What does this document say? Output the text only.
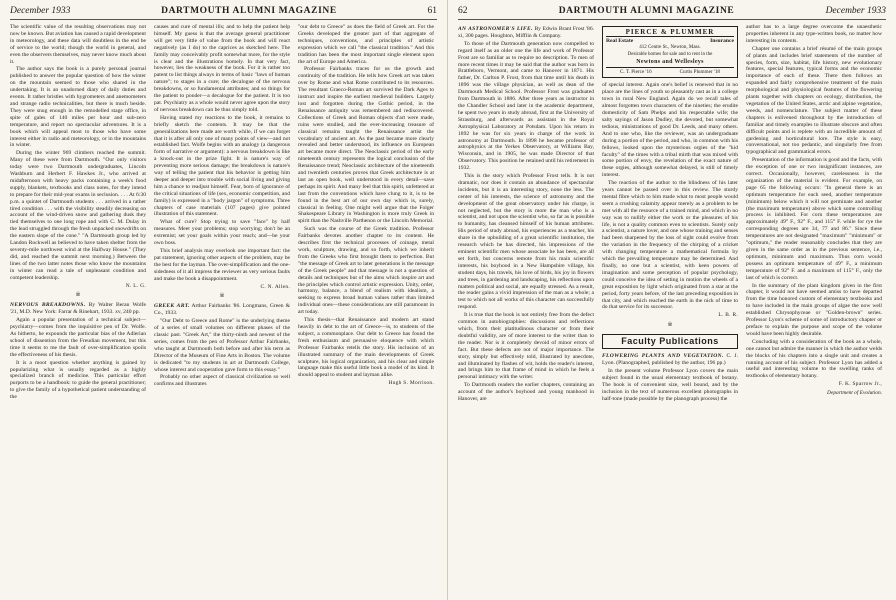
December 1933	DARTMOUTH ALUMNI MAGAZINE	61

The scientific value of the resulting observations may not now be known. But aviation has caused a rapid development in meteorology, and these data will doubtless in the end be of service to the world; though the world in general, and even the observers themselves, may never know much about it.

The author says the book is a purely personal journal published to answer the popular question of how the winter on the mountain seemed to those who shared in the undertaking. It is an unadorned diary of daily duties and events. It rather bristles with hygrometers and anemometers and strange radio technicalities, but there is much beside. They were snug enough in the remodelled stage office, in spite of gales of 140 miles per hour and sub-zero temperature, and report no spectacular adventures. It is a book which will appeal most to those who have some interest either in radio and meteorology, or in the mountains in winter.

During the winter 969 climbers reached the summit. Many of these were from Dartmouth. "Our only visitors today were two Dartmouth undergraduates, Lincoln Washburn and Herbert F. Hawkes Jr., who arrived at midafternoon with heavy packs containing a week's food supply, blankets, textbooks and class notes, for they intend to prepare for their mid-year exams in seclusion. . . . At 6:30 p.m. a quintet of Dartmouth students . . . arrived in a rather tired condition . . . with the visibility steadily decreasing on account of the wind-driven snow and gathering dusk they tied themselves to one long rope and with C. M. Dulay in the lead struggled through the fresh unpacked snowdrifts on the eastern slope of the cone." "A Dartmouth group led by Landon Rockwell as believed to have taken shelter from the seventy-mile northwest wind at the Halfway House." (They did, and reached the summit next morning.) Between the lines of the two latter notes those who know the mountains in winter can read a tale of unpleasant condition and competent leadership.

N. L. G.
※

NERVOUS BREAKDOWNS. By Walter Beran Wolfe '21, M.D. New York: Farrar & Rinehart, 1933. xv, 240 pp.

Again a popular presentation of a technical subject—psychiatry—comes from the inquisitive pen of Dr. Wolfe. As hitherto, he expounds the particular bias of the Adlerian school of dissention from the Freudian movement, but this time it seems to me the fault of over-simplification spoils the effectiveness of his thesis.

It is a moot question whether anything is gained by popularizing what is usually regarded as a highly specialized branch of medicine. This particular effort purports to be a handbook: to guide the general practitioner; to give the family of a hypothetical patient understanding of the

causes and cure of mental ills; and to help the patient help himself. My guess is that the average general practitioner will get very little of value from the book and will react negatively (as I do) to the caprices as sketched here. The family may conceivably profit somewhat more, for the style is clear and the illustrations homely. In that very fact, however, lies the weakness of the book. For it is rather too patent to list things always in terms of basic "laws of human nature"; to stages in a cure; the decalogue of the nervous breakdowns, or so fundamental attributes; and so things for the patient to ponder—a decalogue for the patient. It is too pat. Psychiatry as a whole would never agree upon the story of nervous breakdown can be thus simply told.

Having stated my reactions to the book, it remains to briefly sketch the contents. It may be that the generalizations here made are worth while, if we can forget that it is after all only one of many points of view—and not established fact. Wolfe begins with an analogy (a dangerous form of narrative or argument): a nervous breakdown is like a knock-out in the prize fight. It is nature's way of preventing more serious damage; the breakdown is nature's way of telling the patient that his behavior is getting him deeper and deeper into trouble with social living and giving him a chance to readjust himself. Fear, born of ignorance of the critical situations of life (sex, economic competition, and family) is expressed in a "body jargon" of symptoms. Three chapters of case materials (107 pages) give pointed illustration of this statement.

What of cure? Stop trying to save "face" by half measures. Meet your problems; stop worrying; don't be an extremist; set your goals within your reach; and—be your own boss.

This brief analysis may overlook one important fact: the pat statement, ignoring other aspects of the problem, may be the best for the layman. The over-simplification and the one-sidedness of it all impress the reviewer as very serious faults and make the book a disappointment.

C. N. Allen.
※

GREEK ART. Arthur Fairbanks '86. Longmans, Green & Co., 1933.

"Our Debt to Greece and Rome" is the underlying theme of a series of small volumes on different phases of the classic past. "Greek Art," the thirty-ninth and newest of the series, comes from the pen of Professor Arthur Fairbanks, who taught at Dartmouth both before and after his term as Director of the Museum of Fine Arts in Boston. The volume is dedicated "to my students in art at Dartmouth College, whose interest and cooperation gave form to this essay."

Probably no other aspect of classical civilization so well confirms and illustrates

"our debt to Greece" as does the field of Greek art. For the Greeks developed the greater part of that aggregate of techniques, conventions, and principles of artistic expression which we call "the classical tradition." And this tradition has been the most important single element upon the art of Europe and America.

Professor Fairbanks traces for us the growth and continuity of the tradition. He tells how Greek art was taken over by Rome and what Rome contributed to its resources. The resultant Graeco-Roman art survived the Dark Ages to instruct and inspire the earliest medieval builders. Largely lost and forgotten during the Gothic period, in the Renaissance antiquity was remembered and rediscovered. Collections of Greek and Roman objects d'art were made, ruins were studied, and the ever-increasing treasure of classical remains taught the Renaissance artist the vocabulary of ancient art. As the past became more clearly revealed and better understood, its influence on European art became more direct. The Neoclassic period of the early nineteenth century represents the logical conclusion of the Renaissance trend; Neoclassic architecture of the nineteenth and twentieth centuries proves that Greek architecture is at last an open book, well understood in every detail—save perhaps its spirit. And many feel that this spirit, unfettered at last from the conventions which have clung to it, is to be found in the best art of our own day which is, surely, classical in feeling. One might well argue that the Folger Shakespeare Library in Washington is more truly Greek in spirit than the Nashville Parthenon or the Lincoln Memorial.

Such was the course of the Greek tradition. Professor Fairbanks devotes another chapter to its content. He describes first the technical processes of coinage, metal work, sculpture, drawing, and so forth, which we inherit from the Greeks who first brought them to perfection. But "the message of Greek art to later generations is the message of the Greek people" and that message is not a question of details and techniques but of the aims which inspire art and the principles which control artistic expression. Unity, order, harmony, balance, a blend of realism with idealism, a seeking to express broad human values rather than limited individual ones—these considerations are still paramount in art today.

This thesis—that Renaissance and modern art stand heavily in debt to the art of Greece—is, to students of the subject, a commonplace. Our debt to Greece has found the fresh enthusiasm and persuasive eloquence with which Professor Fairbanks retells the story. His inclusion of an illustrated summary of the main developments of Greek sculpture, his logical organization, and his clear and simple language make this useful little book a model of its kind. It should appeal to student and layman alike.

Hugh S. Morrison.
62	DARTMOUTH ALUMNI MAGAZINE	December 1933

AN ASTRONOMER'S LIFE. By Edwin Brant Frost '86. xi, 300 pages. Houghton, Mifflin & Company.

To those of the Dartmouth generation now compelled to regard itself as an older one the life and work of Professor Frost are so familiar as to require no description. To men of more recent times it may be said that the author was born in Brattleboro, Vermont, and came to Hanover in 1871. His father, Dr. Carlton P. Frost, from that time until his death in 1896 was the village physician, as well as dean of the Dartmouth Medical School. Professor Frost was graduated from Dartmouth in 1886. After three years as instructor in the Chandler School and later in the academic department, he spent two years in study abroad, first at the University of Strassburg, and afterwards as assistant in the Royal Astrophysical Laboratory at Potsdam. Upon his return in 1892 he was for six years in charge of the work in astronomy at Dartmouth. In 1898 he became professor of astrophysics at the Yerkes Observatory, at Williams Bay, Wisconsin, and in 1905, he was made Director of that Observatory. This position he retained until his retirement in 1932.

This is the story which Professor Frost tells. It is not dramatic, nor does it contain an abundance of spectacular incidents, but it is an interesting story, none the less. The center of his interests, the science of astronomy and the development of the great observatory under his charge, is not neglected, but the story is more the man who is a scientist, and not upon the scientist who, so far as is possible to humanity, has cleansed himself of his human attributes. His period of study abroad, his experiences as a teacher, his share in the upbuilding of a great scientific institution, the research which he has directed, his impressions of the eminent scientific men whose associate he has been, are all set forth, but concerns remote from his main scientific interests, his boyhood in a New Hampshire village, his student days, his travels, his love of birds, his joy in flowers and trees, in gardening and landscaping, his reflections upon matters political and social, are equally stressed. As a result, the reader gains a vivid impression of the man as a whole; a test to which not all works of this character can successfully respond.

It is true that the book is not entirely free from the defect common in autobiographies: discussions and reflections which, from their platitudinous character or from their doubtful validity, are of more interest to the writer than to the reader. Nor is it completely devoid of minor errors of fact. But these defects are not of major importance. The story, simply but effectively told, illustrated by anecdote, and illuminated by flashes of wit, holds the reader's interest, and brings him to that frame of mind in which he feels a personal intimacy with the writer.

To Dartmouth readers the earlier chapters, containing an account of the author's boyhood and young manhood in Hanover, are

PIERCE & PLUMMER
Real Estate	Insurance
412 Centre St., Newton, Mass.
Desirable homes for sale and to rent in the
Newtons and Wellesleys
C. T. Pierce '16	Curtis Plummer '18

of special interest. Again one's belief is renewed that in no place are the lines of youth so pleasantly cast as in a college town in rural New England. Again do we recall tales of almost forgotten town characters of the nineties; the erudite domesticity of Sam Phelps and his respectable wife; the salty sayings of Jason Dudley, the devoted, but somewhat tedious, ministrations of good Dr. Leeds, and many others. And to one who, like the reviewer, was an undergraduate during a portion of the period, and who, in common with his fellows, looked upon the mysterious orgies of the "kid faculty" of the times with a tribal mirth that was mixed with some portion of envy, the revelation of the exact nature of these orgies, although somewhat delayed, is still of timely interest.

The reaction of the author to the blindness of his later years cannot be passed over in this review. The sturdy mental fibre which to him made what to most people would seem a crushing calamity appear merely as a problem to be met with all the resource of a trained mind, and which in no way was to nullify either the work or the pleasures of his life, is not a quality common even to scientists. Surely only a scientist, a nature lover, and one whose training and senses had been sharpened by the loss of sight could evolve from the variation in the frequency of the chirping of a cricket with changing temperature a mathematical formula by which the prevailing temperature may be determined. And finally, no one but a scientist, with keen powers of imagination and some perception of popular psychology, could conceive the idea of setting in motion the wheels of a great exposition by light which originated from a star at the period, forty years before, of the last preceding exposition in that city, and which reached the earth in the nick of time to do that service for its successor.

L. B. R.
※
Faculty Publications

FLOWERING PLANTS AND VEGETATION. C. J. Lyon. (Planographed, published by the author, 196 pp.)

In the present volume Professor Lyon covers the main subject found in the usual elementary textbook of botany. The book is of convenient size, well bound, and by the inclusion in the text of numerous excellent photographs in half-tone (made possible by the planograph process) the

author has to a large degree overcome the unaesthetic properties inherent in any type-written book, no matter how interesting its contents.

Chapter one contains a brief résumé of the main groups of plants and includes brief statements of the number of species, form, size, habitat, life history, new evolutionary features, special features, typical forms and the economic importance of each of these. There then follows an expanded and fairly comprehensive treatment of the main morphological and physiological features of the flowering plants together with chapters on ecology, distribution, the vegetation of the United States, arctic and alpine vegetation, weeds, and nomenclature. The subject matter of these chapters is enlivened throughout by the introduction of familiar and timely examples to illustrate obscure and often difficult points and is replete with an incredible amount of gardening and horticultural lore. The style is easy, conversational, not too pedantic, and singularly free from typographical and grammatical errors.

Presentation of the information is good and the facts, with the exception of one or two insignificant instances, are correct. Occasionally, however, carelessness in the organization of the material is evident. For example, on page 65 the following occurs: "In general there is an optimum temperature for each seed, another temperature (minimum) below which it will not germinate and another (the maximum temperature) above which some controlling process is inhibited. For corn these temperatures are approximately 49° F., 92° F., and 115° F. while for rye the corresponding degrees are 34, 77 and 86." Since these temperatures are not designated "maximum" "minimum" or "optimum," the reader reasonably concludes that they are given in the same order as in the previous sentence, i.e., optimum, minimum and maximum. Thus corn would possess an optimum temperature of 49° F., a minimum temperature of 92° F. and a maximum of 115° F., only the last of which is correct.

In the summary of the plant kingdom given in the first chapter, it would not have seemed amiss to have departed from the time honored custom of elementary textbooks and to have included in the main groups of algae the now well established Chrysophyceae or "Golden-brown" series. Professor Lyon's scheme of some of introductory chapter or preface to explain the purpose and scope of the volume would have been highly desirable.

Concluding with a consideration of the book as a whole, one cannot but admire the manner in which the author welds the blocks of his chapters into a single unit and creates a running account of his subject. Professor Lyon has added a useful and interesting volume to the swelling ranks of textbooks of elementary botany.

F. K. Sparrow Jr.,
Department of Evolution.
